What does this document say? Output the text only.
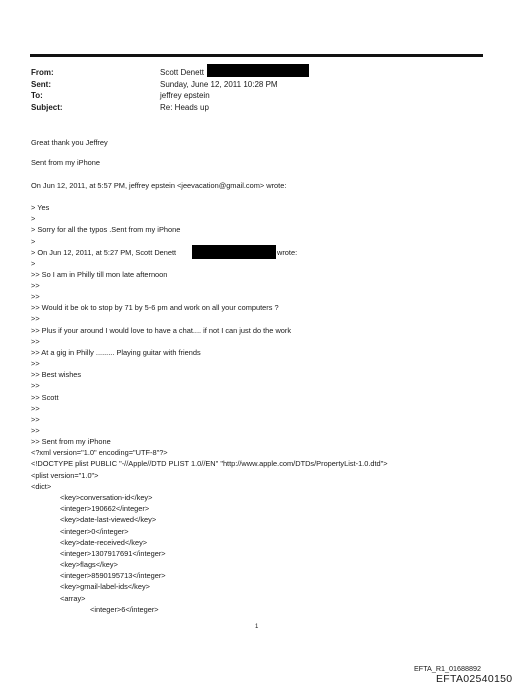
From:	Scott Denett
Sent:	Sunday, June 12, 2011 10:28 PM
To:	jeffrey epstein
Subject:	Re: Heads up
Great thank you Jeffrey
Sent from my iPhone
On Jun 12, 2011, at 5:57 PM, jeffrey epstein <jeevacation@gmail.com> wrote:
> Yes
>
> Sorry for all the typos .Sent from my iPhone
>
> On Jun 12, 2011, at 5:27 PM, Scott Denett	wrote:
>
>> So I am in Philly till mon late afternoon
>>
>>
>> Would it be ok to stop by 71 by 5-6 pm and work on all your computers ?
>>
>> Plus if your around I would love to have a chat.... if not I can just do the work
>>
>> At a gig in Philly ......... Playing guitar with friends
>>
>> Best wishes
>>
>> Scott
>>
>>
>>
>> Sent from my iPhone
<?xml version="1.0" encoding="UTF-8"?>
<!DOCTYPE plist PUBLIC "-//Apple//DTD PLIST 1.0//EN" "http://www.apple.com/DTDs/PropertyList-1.0.dtd">
<plist version="1.0">
<dict>
<key>conversation-id</key>
<integer>190662</integer>
<key>date-last-viewed</key>
<integer>0</integer>
<key>date-received</key>
<integer>1307917691</integer>
<key>flags</key>
<integer>8590195713</integer>
<key>gmail-label-ids</key>
<array>
<integer>6</integer>
1
EFTA_R1_01688892
EFTA02540150
